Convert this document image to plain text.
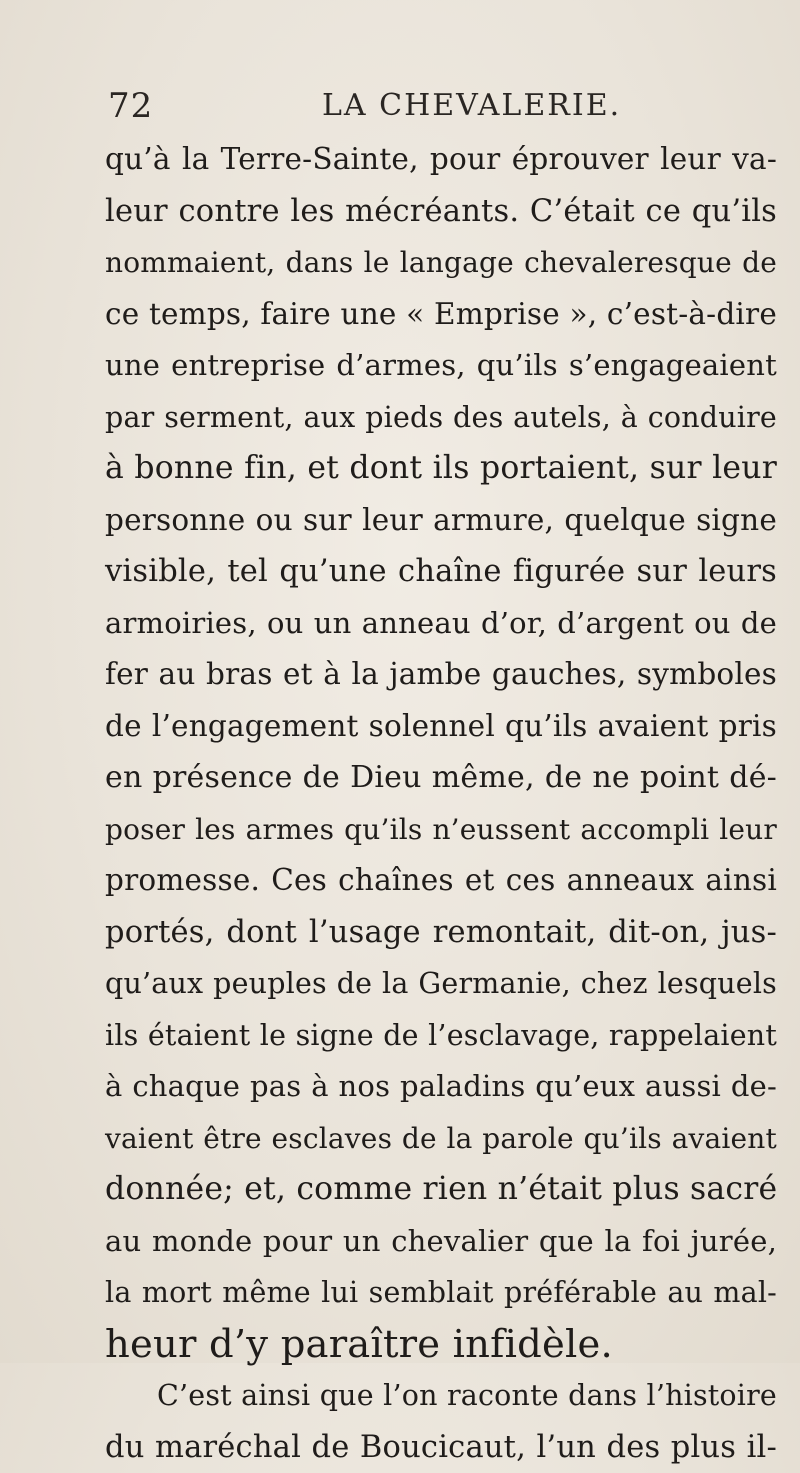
72	LA CHEVALERIE.
qu’à la Terre-Sainte, pour éprouver leur va-
leur contre les mécréants. C’était ce qu’ils
nommaient, dans le langage chevaleresque de
ce temps, faire une « Emprise », c’est-à-dire
une entreprise d’armes, qu’ils s’engageaient
par serment, aux pieds des autels, à conduire
à bonne fin, et dont ils portaient, sur leur
personne ou sur leur armure, quelque signe
visible, tel qu’une chaîne figurée sur leurs
armoiries, ou un anneau d’or, d’argent ou de
fer au bras et à la jambe gauches, symboles
de l’engagement solennel qu’ils avaient pris
en présence de Dieu même, de ne point dé-
poser les armes qu’ils n’eussent accompli leur
promesse. Ces chaînes et ces anneaux ainsi
portés, dont l’usage remontait, dit-on, jus-
qu’aux peuples de la Germanie, chez lesquels
ils étaient le signe de l’esclavage, rappelaient
à chaque pas à nos paladins qu’eux aussi de-
vaient être esclaves de la parole qu’ils avaient
donnée; et, comme rien n’était plus sacré
au monde pour un chevalier que la foi jurée,
la mort même lui semblait préférable au mal-
heur d’y paraître infidèle.
C’est ainsi que l’on raconte dans l’histoire
du maréchal de Boucicaut, l’un des plus il-
